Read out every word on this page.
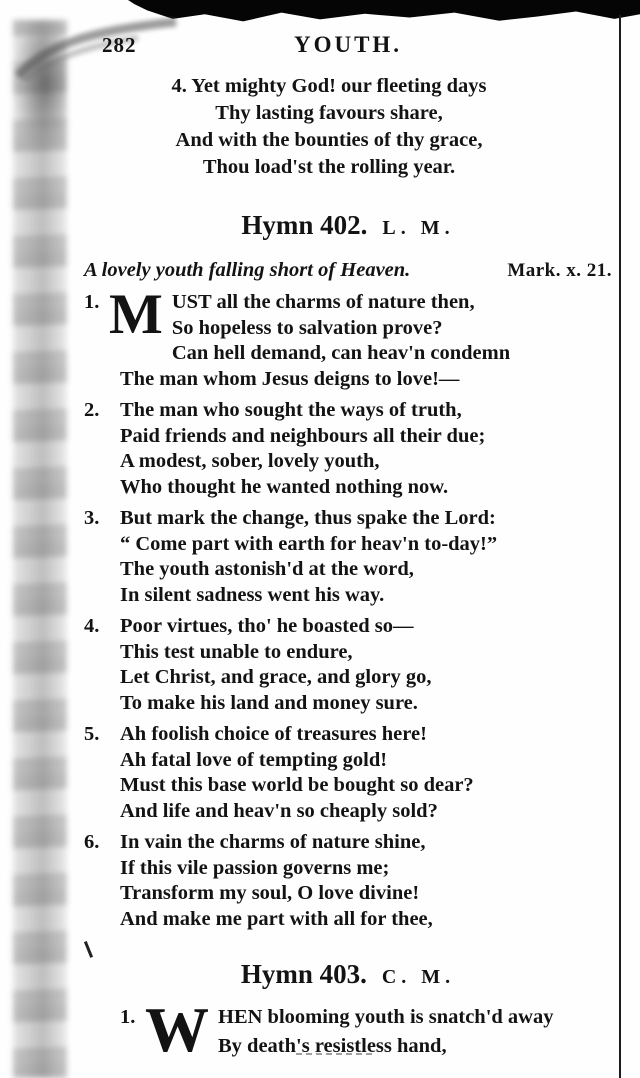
282	YOUTH.
4. Yet mighty God! our fleeting days
Thy lasting favours share,
And with the bounties of thy grace,
Thou load'st the rolling year.
Hymn 402. L. M.
A lovely youth falling short of Heaven.	Mark. x. 21.
1. M UST all the charms of nature then,
So hopeless to salvation prove?
Can hell demand, can heav'n condemn
The man whom Jesus deigns to love!—
2. The man who sought the ways of truth,
Paid friends and neighbours all their due;
A modest, sober, lovely youth,
Who thought he wanted nothing now.
3. But mark the change, thus spake the Lord:
“ Come part with earth for heav'n to-day!”
The youth astonish'd at the word,
In silent sadness went his way.
4. Poor virtues, tho' he boasted so—
This test unable to endure,
Let Christ, and grace, and glory go,
To make his land and money sure.
5. Ah foolish choice of treasures here!
Ah fatal love of tempting gold!
Must this base world be bought so dear?
And life and heav'n so cheaply sold?
6. In vain the charms of nature shine,
If this vile passion governs me;
Transform my soul, O love divine!
And make me part with all for thee,
Hymn 403. C. M.
1. W HEN blooming youth is snatch'd away
By death's resistless hand,
